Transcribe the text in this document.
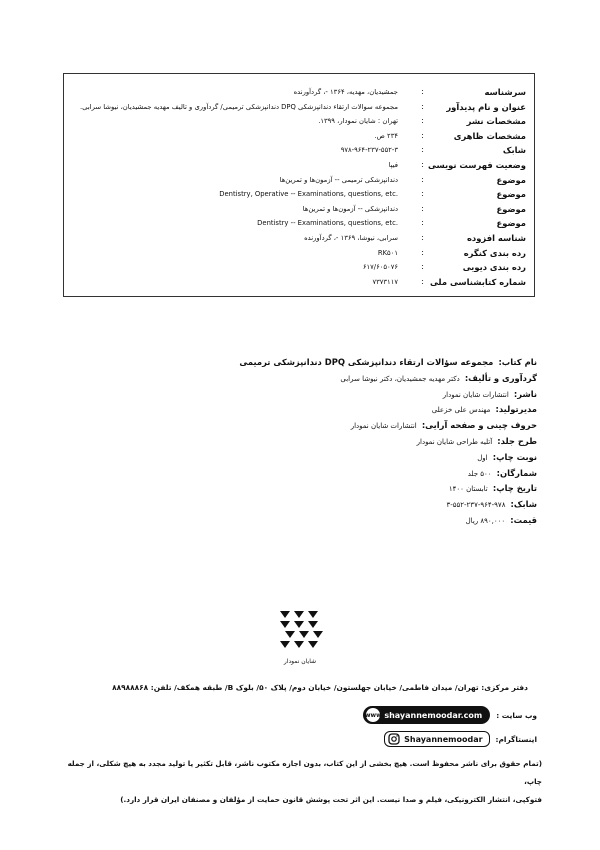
سرشناسه
:
جمشیدیان، مهدیه، ۱۳۶۴ -، گردآورنده
عنوان و نام پدیدآور
:
مجموعه سوالات ارتقاء دندانپزشکی DPQ دندانپزشکی ترمیمی/ گردآوری و تالیف مهدیه جمشیدیان، نیوشا سرابی.
مشخصات نشر
:
تهران : شایان نمودار، ۱۳۹۹.
مشخصات ظاهری
:
۲۳۴ ص.
شابک
:
۹۷۸-۹۶۴-۲۳۷-۵۵۲-۳
وضعیت فهرست نویسی
:
فیپا
موضوع
:
دندانپزشکی ترمیمی -- آزمون‌ها و تمرین‌ها
موضوع
:
Dentistry, Operative -- Examinations, questions, etc.
موضوع
:
دندانپزشکی -- آزمون‌ها و تمرین‌ها
موضوع
:
Dentistry -- Examinations, questions, etc.
شناسه افزوده
:
سرابی، نیوشا، ۱۳۶۹ -، گردآورنده
رده بندی کنگره
:
RK۵۰۱
رده بندی دیویی
:
۶۱۷/۶۰۵۰۷۶
شماره کتابشناسی ملی
:
۷۳۷۳۱۱۷
نام کتاب: مجموعه سؤالات ارتقاء دندانپزشکی DPQ دندانپزشکی ترمیمی
گردآوری و تألیف: دکتر مهدیه جمشیدیان، دکتر نیوشا سرابی
ناشر: انتشارات شایان نمودار
مدیرتولید: مهندس علی خزعلی
حروف چینی و صفحه آرایی: انتشارات شایان نمودار
طرح جلد: آتلیه طراحی شایان نمودار
نوبت چاپ: اول
شمارگان: ۵۰۰ جلد
تاریخ چاپ: تابستان ۱۴۰۰
شابک: ۹۷۸-۹۶۴-۲۳۷-۵۵۲-۳
قیمت: ۸۹۰,۰۰۰ ریال
شایان نمودار
دفتر مرکزی: تهران/ میدان فاطمی/ خیابان جهلستون/ خیابان دوم/ پلاک ۵۰/ بلوک B/ طبقه همکف/ تلفن: ۸۸۹۸۸۸۶۸
وب سایت :
www shayannemoodar.com
اینستاگرام:
Shayannemoodar
(تمام حقوق برای ناشر محفوظ است. هیچ بخشی از این کتاب، بدون اجازه مکتوب ناشر، قابل تکثیر یا تولید مجدد به هیچ شکلی، از جمله چاپ،
فتوکپی، انتشار الکترونیکی، فیلم و صدا نیست. این اثر تحت پوشش قانون حمایت از مؤلفان و مصنفان ایران قرار دارد.)
